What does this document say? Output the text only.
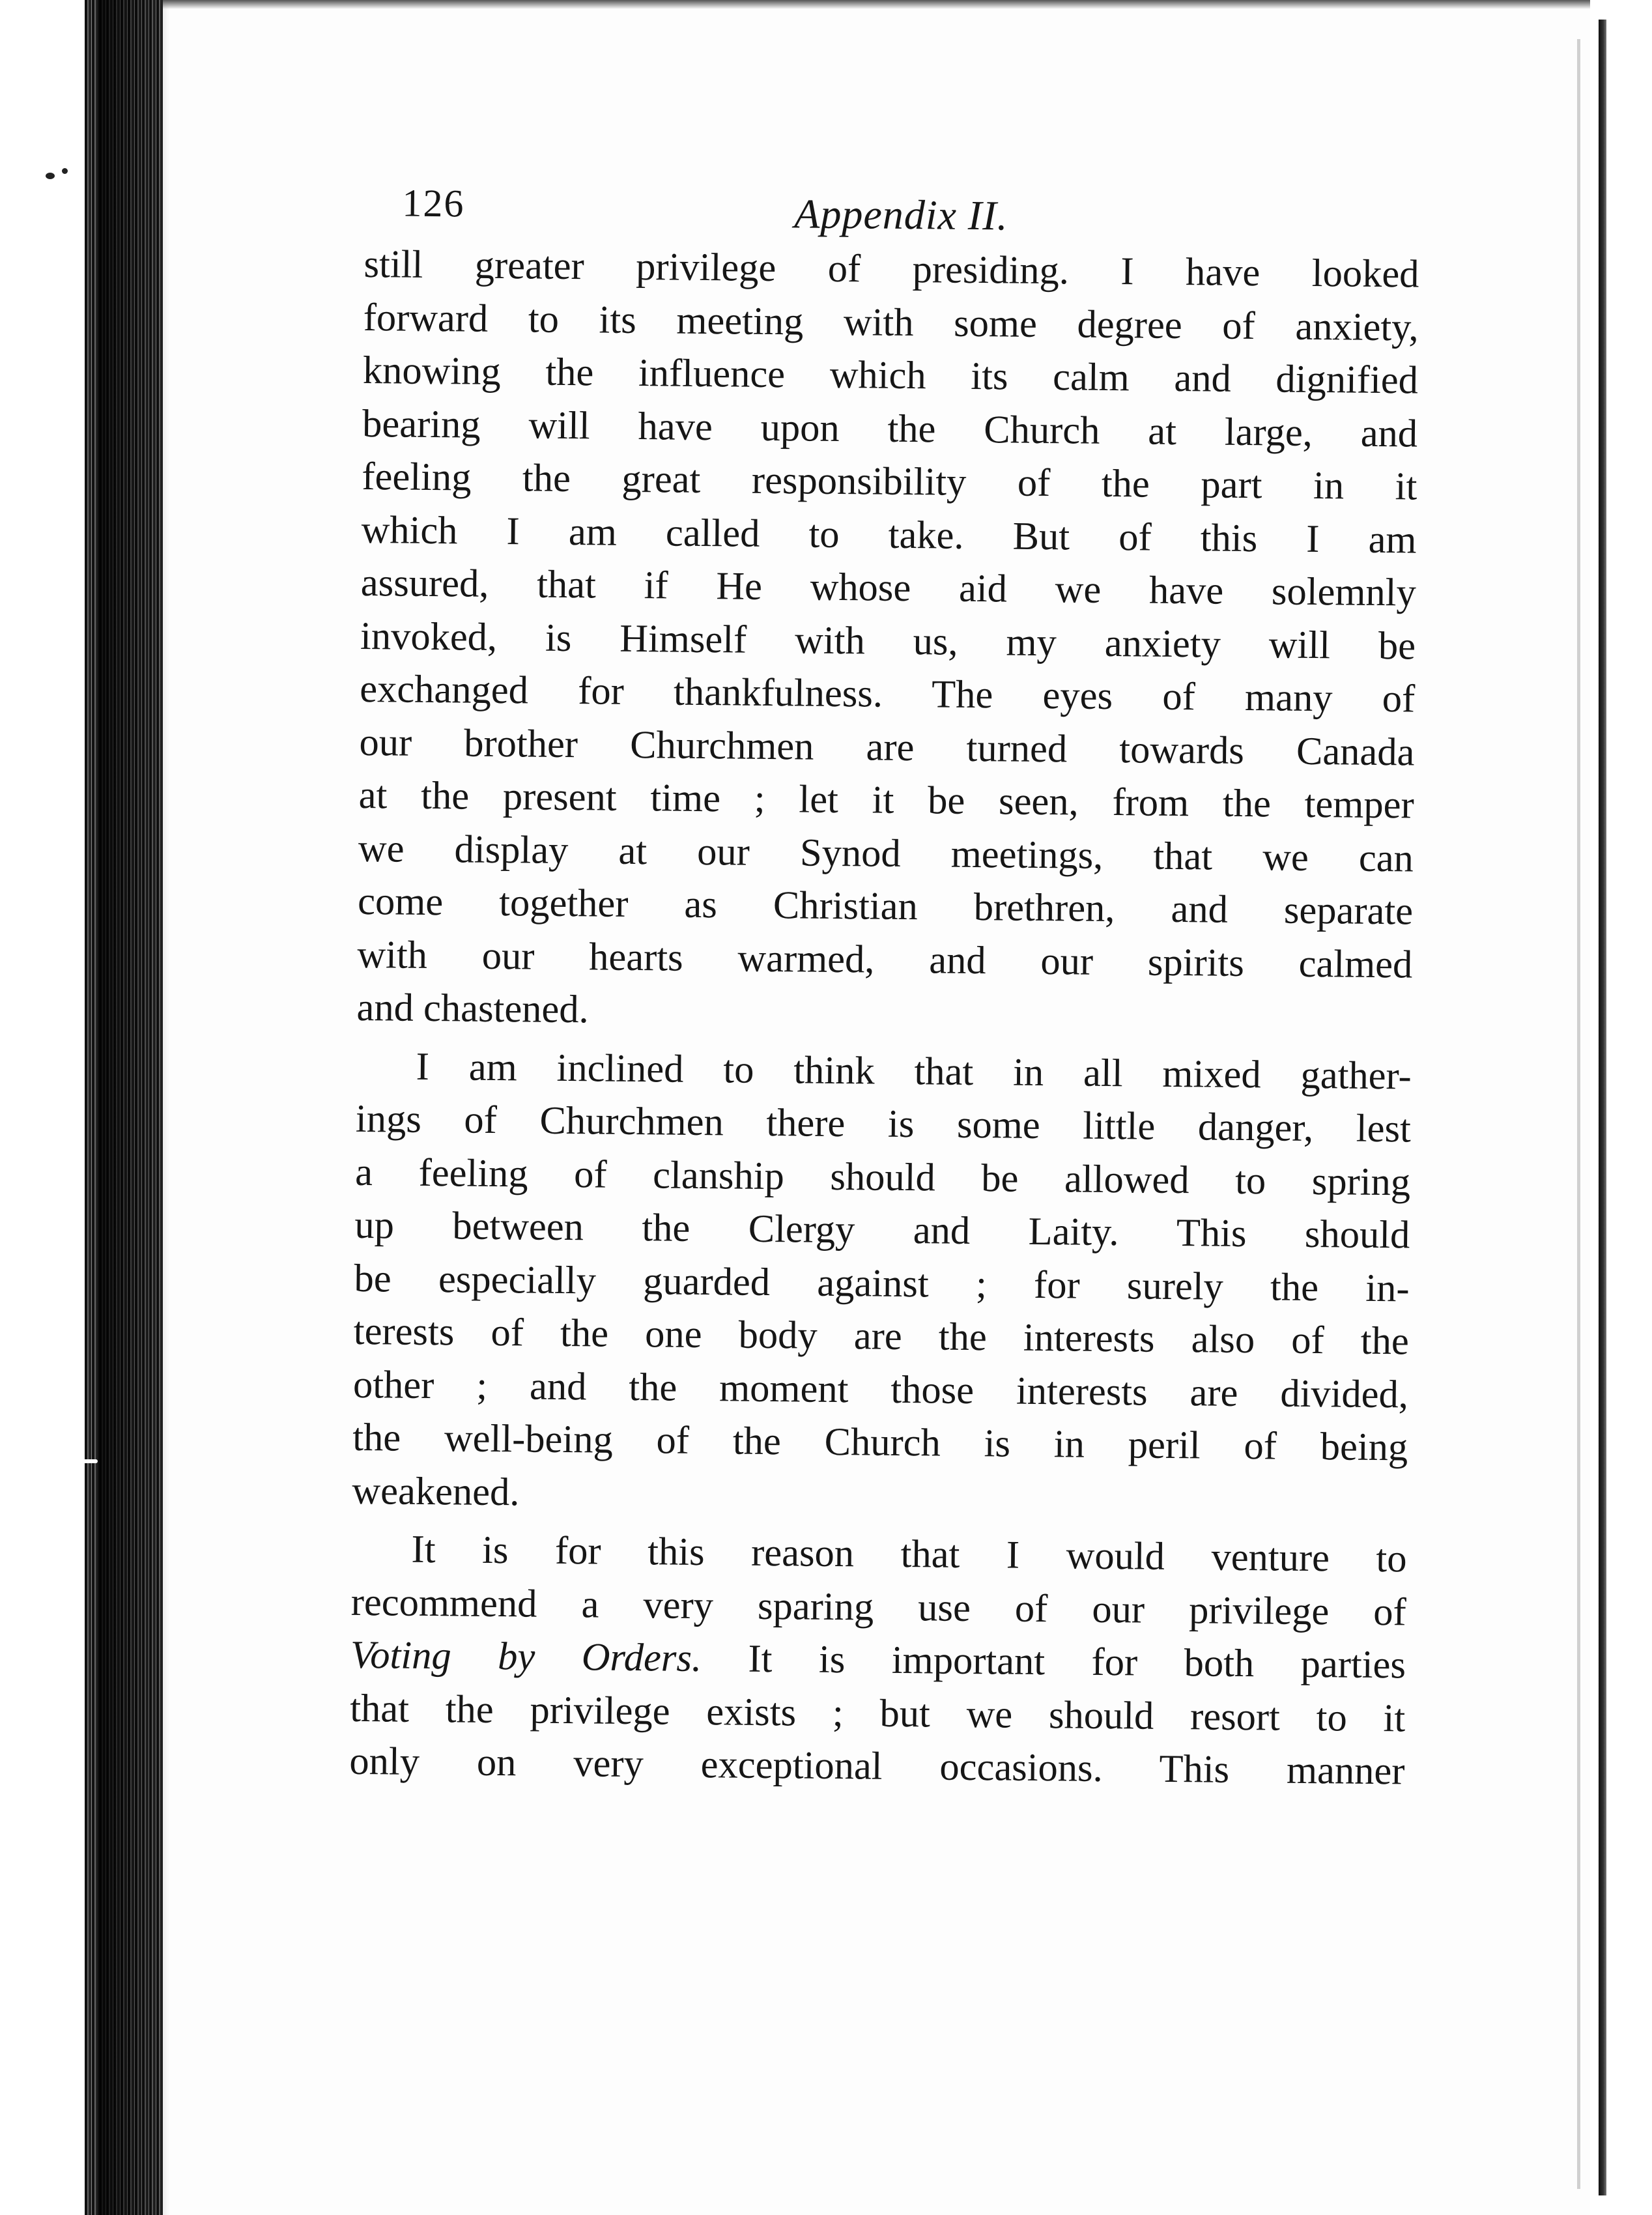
126	Appendix II.

still greater privilege of presiding. I have looked
forward to its meeting with some degree of anxiety,
knowing the influence which its calm and dignified
bearing will have upon the Church at large, and
feeling the great responsibility of the part in it
which I am called to take. But of this I am
assured, that if He whose aid we have solemnly
invoked, is Himself with us, my anxiety will be
exchanged for thankfulness. The eyes of many of
our brother Churchmen are turned towards Canada
at the present time ; let it be seen, from the temper
we display at our Synod meetings, that we can
come together as Christian brethren, and separate
with our hearts warmed, and our spirits calmed
and chastened.

I am inclined to think that in all mixed gather-
ings of Churchmen there is some little danger, lest
a feeling of clanship should be allowed to spring
up between the Clergy and Laity. This should
be especially guarded against ; for surely the in-
terests of the one body are the interests also of the
other ; and the moment those interests are divided,
the well-being of the Church is in peril of being
weakened.

It is for this reason that I would venture to
recommend a very sparing use of our privilege of
Voting by Orders. It is important for both parties
that the privilege exists ; but we should resort to it
only on very exceptional occasions. This manner
